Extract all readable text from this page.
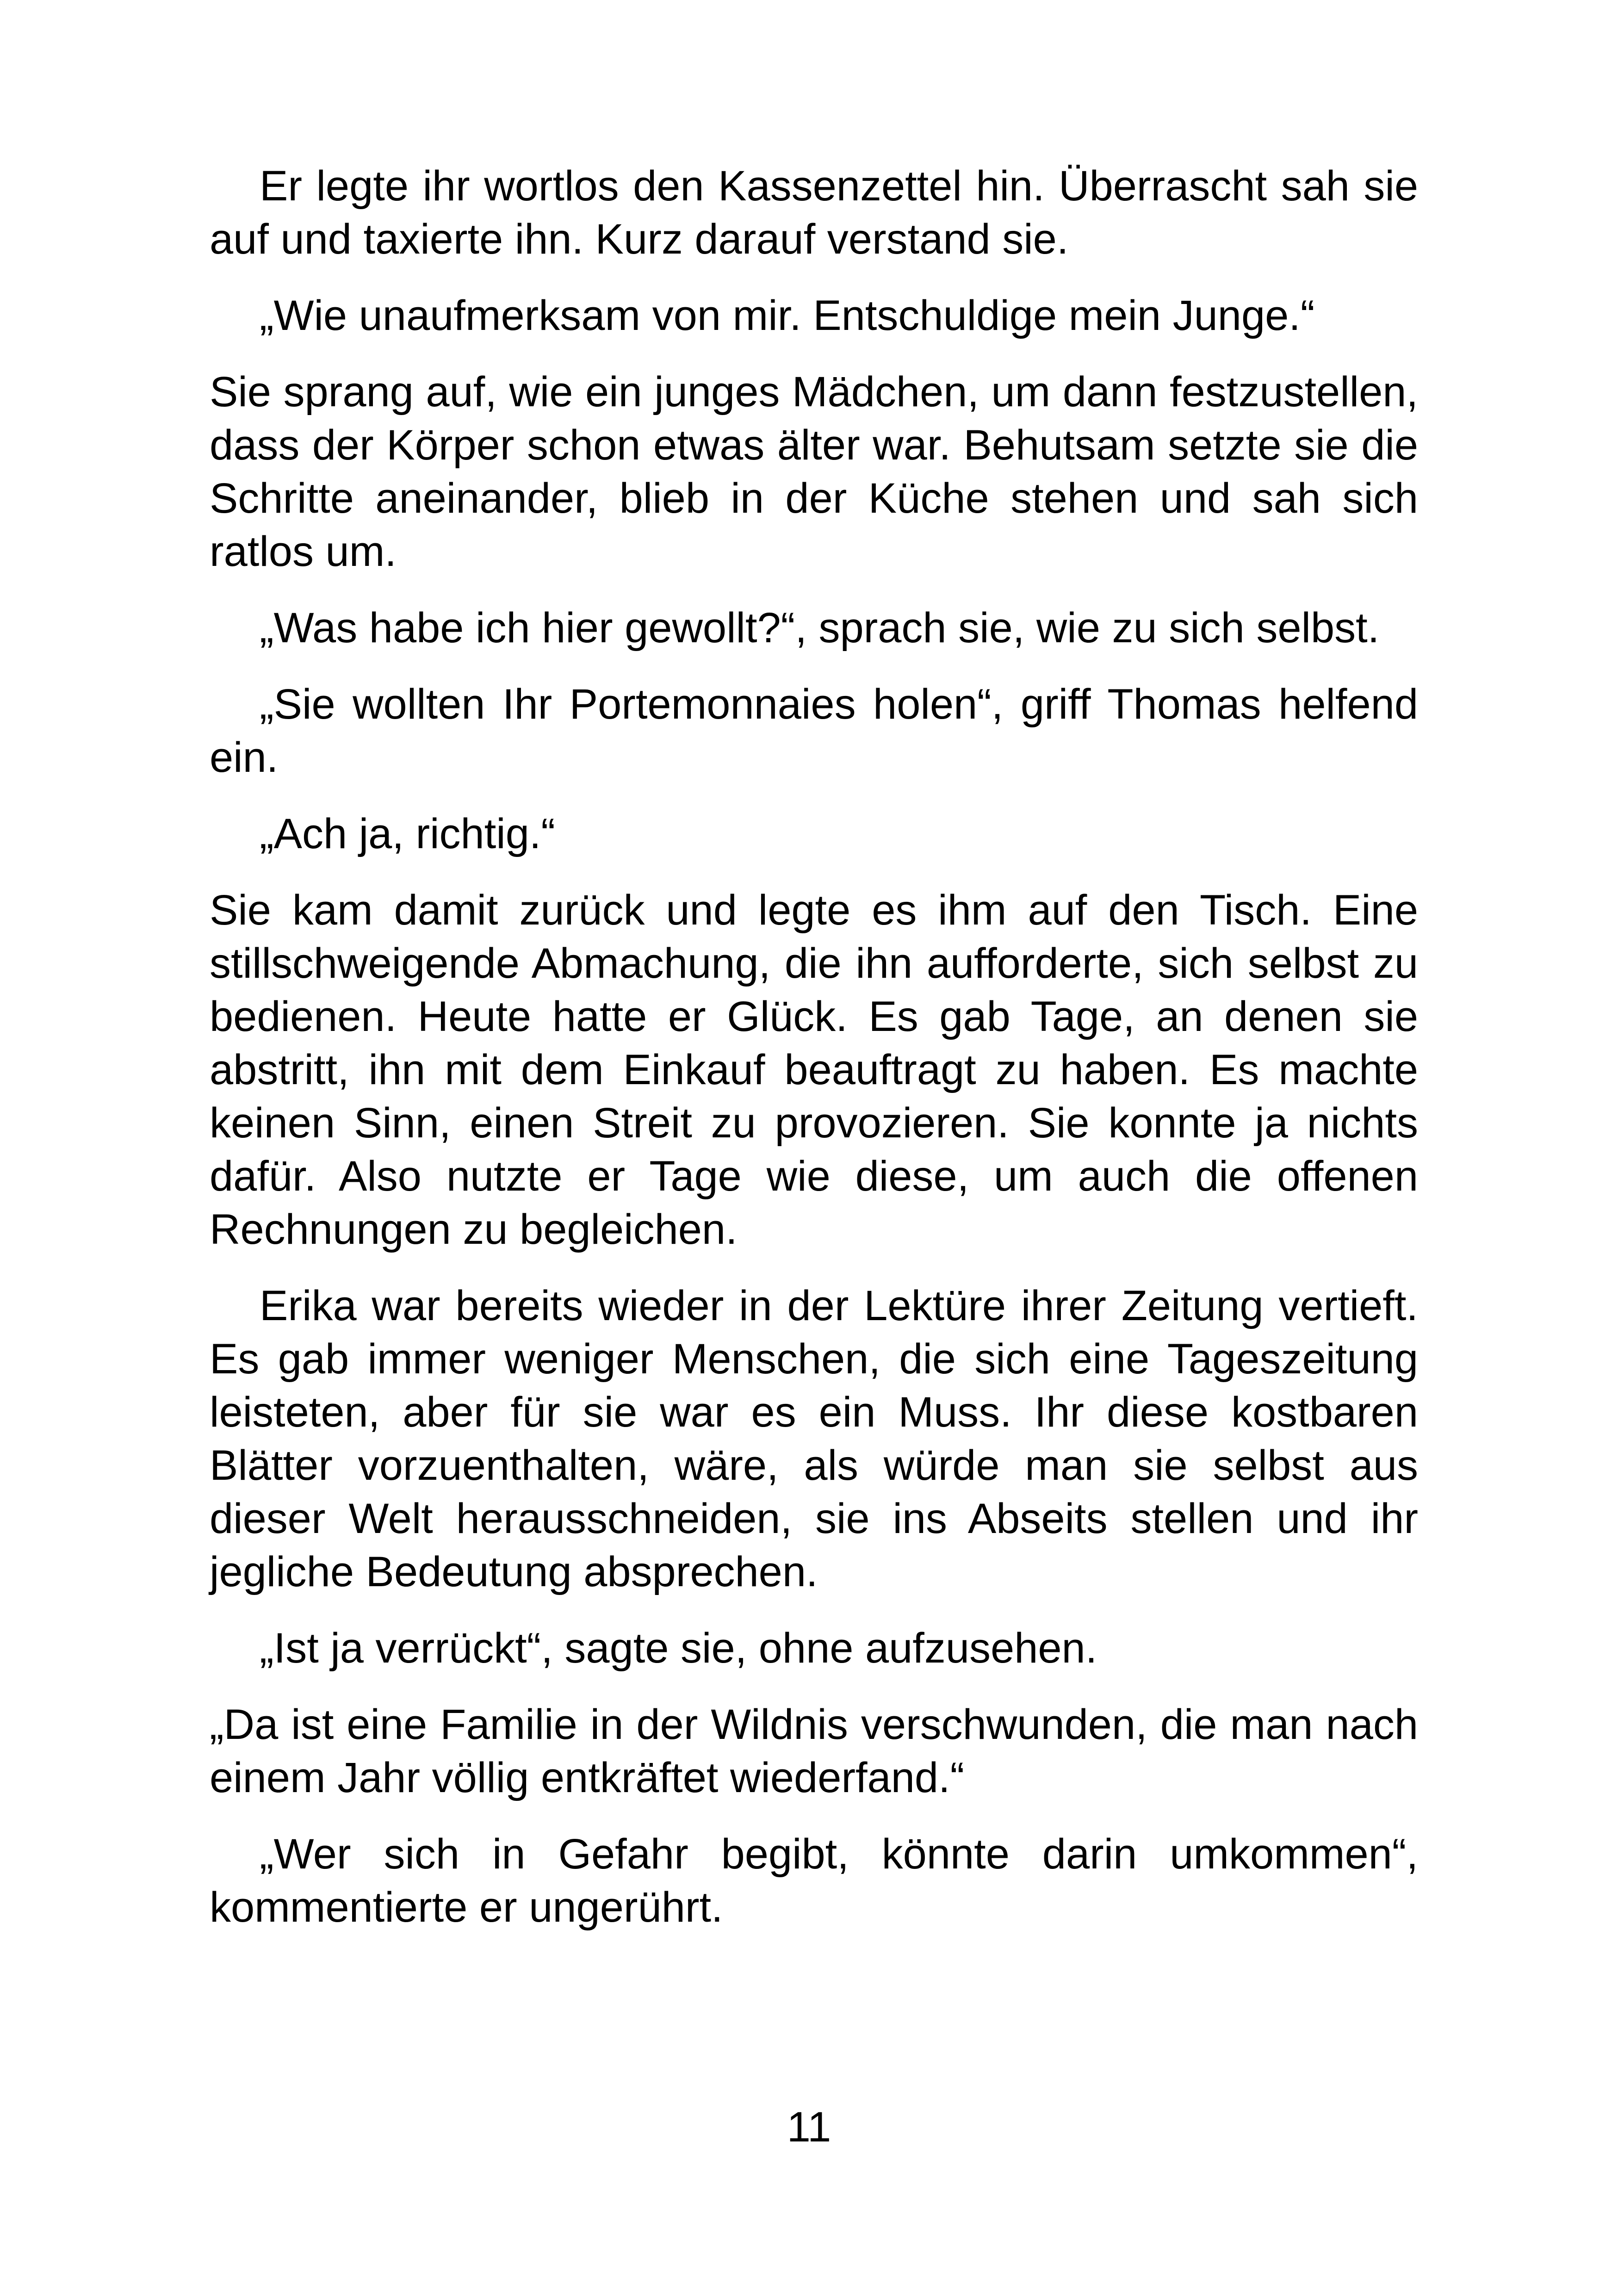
Er legte ihr wortlos den Kassenzettel hin. Überrascht sah sie auf und taxierte ihn. Kurz darauf verstand sie.

„Wie unaufmerksam von mir. Entschuldige mein Junge.“

Sie sprang auf, wie ein junges Mädchen, um dann festzustellen, dass der Körper schon etwas älter war. Behutsam setzte sie die Schritte aneinander, blieb in der Küche stehen und sah sich ratlos um.

„Was habe ich hier gewollt?“, sprach sie, wie zu sich selbst.

„Sie wollten Ihr Portemonnaies holen“, griff Thomas helfend ein.

„Ach ja, richtig.“

Sie kam damit zurück und legte es ihm auf den Tisch. Eine stillschweigende Abmachung, die ihn aufforderte, sich selbst zu bedienen. Heute hatte er Glück. Es gab Tage, an denen sie abstritt, ihn mit dem Einkauf beauftragt zu haben. Es machte keinen Sinn, einen Streit zu provozieren. Sie konnte ja nichts dafür. Also nutzte er Tage wie diese, um auch die offenen Rechnungen zu begleichen.

Erika war bereits wieder in der Lektüre ihrer Zeitung vertieft. Es gab immer weniger Menschen, die sich eine Tageszeitung leisteten, aber für sie war es ein Muss. Ihr diese kostbaren Blätter vorzuenthalten, wäre, als würde man sie selbst aus dieser Welt herausschneiden, sie ins Abseits stellen und ihr jegliche Bedeutung absprechen.

„Ist ja verrückt“, sagte sie, ohne aufzusehen.

„Da ist eine Familie in der Wildnis verschwunden, die man nach einem Jahr völlig entkräftet wiederfand.“

„Wer sich in Gefahr begibt, könnte darin umkommen“, kommentierte er ungerührt.

11
